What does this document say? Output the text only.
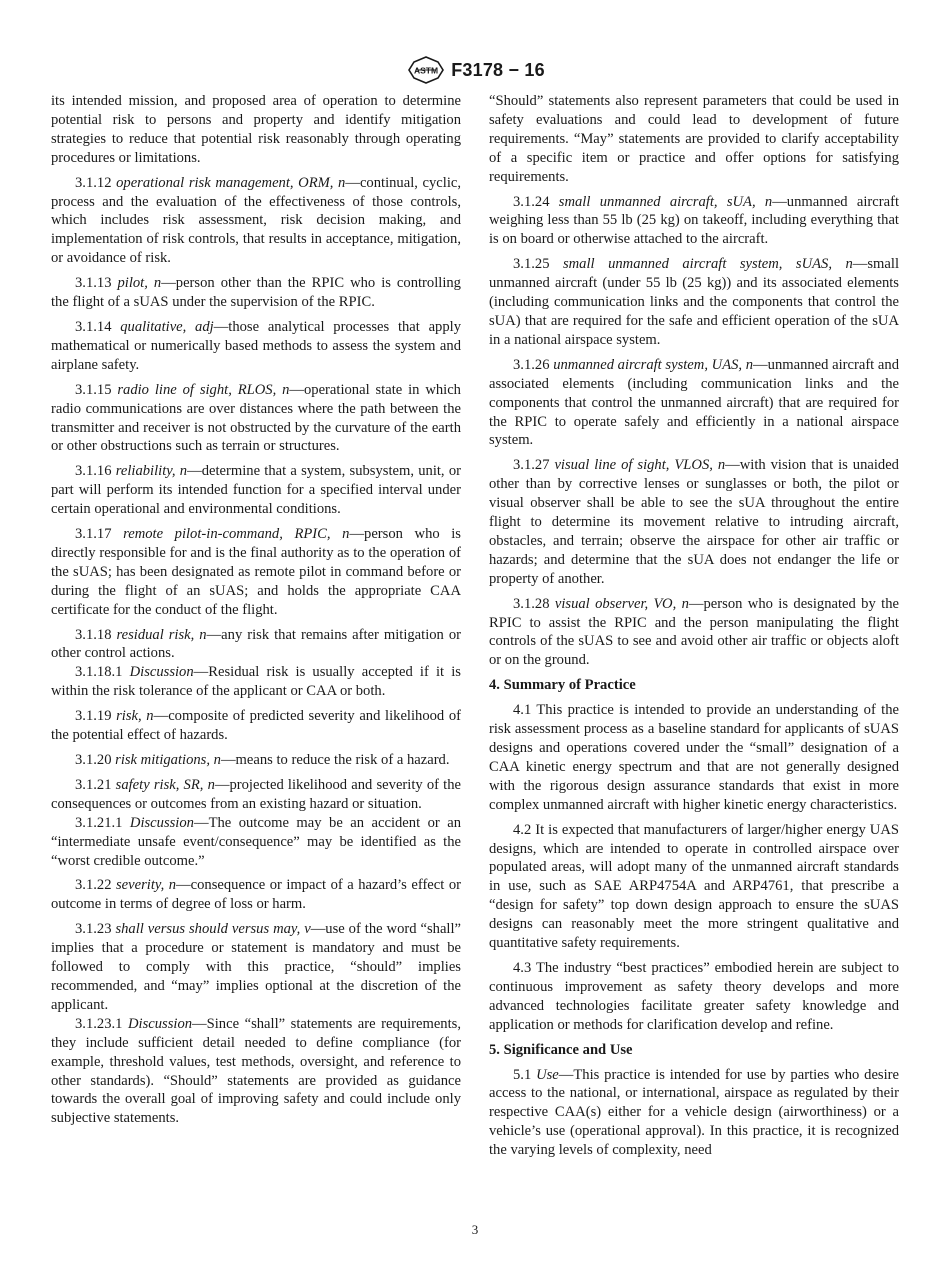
ASTM F3178 − 16

its intended mission, and proposed area of operation to determine potential risk to persons and property and identify mitigation strategies to reduce that potential risk reasonably through operating procedures or limitations.

3.1.12 operational risk management, ORM, n—continual, cyclic, process and the evaluation of the effectiveness of those controls, which includes risk assessment, risk decision making, and implementation of risk controls, that results in acceptance, mitigation, or avoidance of risk.

3.1.13 pilot, n—person other than the RPIC who is controlling the flight of a sUAS under the supervision of the RPIC.

3.1.14 qualitative, adj—those analytical processes that apply mathematical or numerically based methods to assess the system and airplane safety.

3.1.15 radio line of sight, RLOS, n—operational state in which radio communications are over distances where the path between the transmitter and receiver is not obstructed by the curvature of the earth or other obstructions such as terrain or structures.

3.1.16 reliability, n—determine that a system, subsystem, unit, or part will perform its intended function for a specified interval under certain operational and environmental conditions.

3.1.17 remote pilot-in-command, RPIC, n—person who is directly responsible for and is the final authority as to the operation of the sUAS; has been designated as remote pilot in command before or during the flight of an sUAS; and holds the appropriate CAA certificate for the conduct of the flight.

3.1.18 residual risk, n—any risk that remains after mitigation or other control actions.

3.1.18.1 Discussion—Residual risk is usually accepted if it is within the risk tolerance of the applicant or CAA or both.

3.1.19 risk, n—composite of predicted severity and likelihood of the potential effect of hazards.

3.1.20 risk mitigations, n—means to reduce the risk of a hazard.

3.1.21 safety risk, SR, n—projected likelihood and severity of the consequences or outcomes from an existing hazard or situation.

3.1.21.1 Discussion—The outcome may be an accident or an “intermediate unsafe event/consequence” may be identified as the “worst credible outcome.”

3.1.22 severity, n—consequence or impact of a hazard’s effect or outcome in terms of degree of loss or harm.

3.1.23 shall versus should versus may, v—use of the word “shall” implies that a procedure or statement is mandatory and must be followed to comply with this practice, “should” implies recommended, and “may” implies optional at the discretion of the applicant.

3.1.23.1 Discussion—Since “shall” statements are requirements, they include sufficient detail needed to define compliance (for example, threshold values, test methods, oversight, and reference to other standards). “Should” statements are provided as guidance towards the overall goal of improving safety and could include only subjective statements.

“Should” statements also represent parameters that could be used in safety evaluations and could lead to development of future requirements. “May” statements are provided to clarify acceptability of a specific item or practice and offer options for satisfying requirements.

3.1.24 small unmanned aircraft, sUA, n—unmanned aircraft weighing less than 55 lb (25 kg) on takeoff, including everything that is on board or otherwise attached to the aircraft.

3.1.25 small unmanned aircraft system, sUAS, n—small unmanned aircraft (under 55 lb (25 kg)) and its associated elements (including communication links and the components that control the sUA) that are required for the safe and efficient operation of the sUA in a national airspace system.

3.1.26 unmanned aircraft system, UAS, n—unmanned aircraft and associated elements (including communication links and the components that control the unmanned aircraft) that are required for the RPIC to operate safely and efficiently in a national airspace system.

3.1.27 visual line of sight, VLOS, n—with vision that is unaided other than by corrective lenses or sunglasses or both, the pilot or visual observer shall be able to see the sUA throughout the entire flight to determine its movement relative to intruding aircraft, obstacles, and terrain; observe the airspace for other air traffic or hazards; and determine that the sUA does not endanger the life or property of another.

3.1.28 visual observer, VO, n—person who is designated by the RPIC to assist the RPIC and the person manipulating the flight controls of the sUAS to see and avoid other air traffic or objects aloft or on the ground.

4. Summary of Practice

4.1 This practice is intended to provide an understanding of the risk assessment process as a baseline standard for applicants of sUAS designs and operations covered under the “small” designation of a CAA kinetic energy spectrum and that are not generally designed with the rigorous design assurance standards that exist in more complex unmanned aircraft with higher kinetic energy characteristics.

4.2 It is expected that manufacturers of larger/higher energy UAS designs, which are intended to operate in controlled airspace over populated areas, will adopt many of the unmanned aircraft standards in use, such as SAE ARP4754A and ARP4761, that prescribe a “design for safety” top down design approach to ensure the sUAS designs can reasonably meet the more stringent qualitative and quantitative safety requirements.

4.3 The industry “best practices” embodied herein are subject to continuous improvement as safety theory develops and more advanced technologies facilitate greater safety knowledge and application or methods for clarification develop and refine.

5. Significance and Use

5.1 Use—This practice is intended for use by parties who desire access to the national, or international, airspace as regulated by their respective CAA(s) either for a vehicle design (airworthiness) or a vehicle’s use (operational approval). In this practice, it is recognized the varying levels of complexity, need

3
